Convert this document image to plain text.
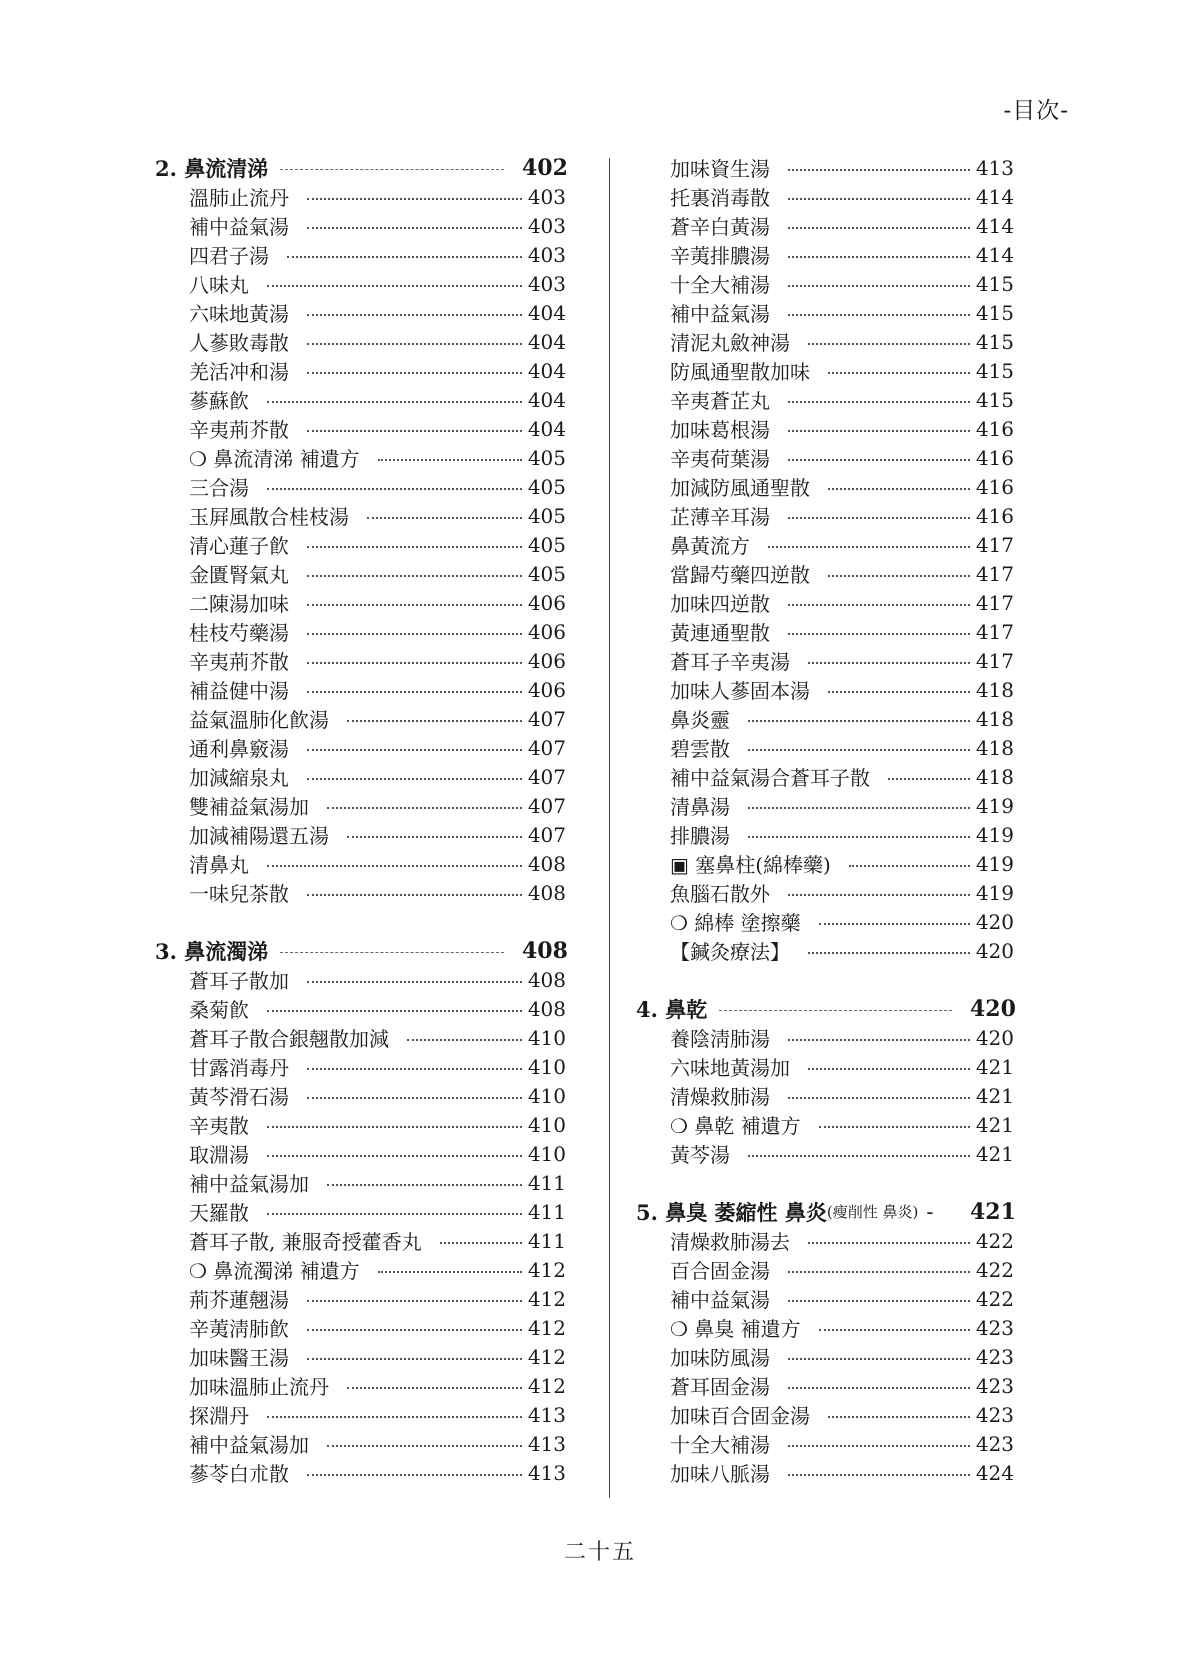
-目次-
2. 鼻流清涕	402
溫肺止流丹	403
補中益氣湯	403
四君子湯	403
八味丸	403
六味地黃湯	404
人蔘敗毒散	404
羌活冲和湯	404
蔘蘇飮	404
辛夷荊芥散	404
❍ 鼻流清涕 補遺方	405
三合湯	405
玉屛風散合桂枝湯	405
清心蓮子飮	405
金匱腎氣丸	405
二陳湯加味	406
桂枝芍藥湯	406
辛夷荊芥散	406
補益健中湯	406
益氣溫肺化飮湯	407
通利鼻竅湯	407
加減縮泉丸	407
雙補益氣湯加	407
加減補陽還五湯	407
清鼻丸	408
一味兒茶散	408
3. 鼻流濁涕	408
蒼耳子散加	408
桑菊飮	408
蒼耳子散合銀翹散加減	410
甘露消毒丹	410
黃芩滑石湯	410
辛夷散	410
取淵湯	410
補中益氣湯加	411
天羅散	411
蒼耳子散, 兼服奇授藿香丸	411
❍ 鼻流濁涕 補遺方	412
荊芥蓮翹湯	412
辛荑淸肺飮	412
加味醫王湯	412
加味溫肺止流丹	412
探淵丹	413
補中益氣湯加	413
蔘苓白朮散	413
加味資生湯	413
托裏消毒散	414
蒼辛白黃湯	414
辛荑排膿湯	414
十全大補湯	415
補中益氣湯	415
清泥丸斂神湯	415
防風通聖散加味	415
辛夷蒼芷丸	415
加味葛根湯	416
辛夷荷葉湯	416
加減防風通聖散	416
芷薄辛耳湯	416
鼻黃流方	417
當歸芍藥四逆散	417
加味四逆散	417
黃連通聖散	417
蒼耳子辛夷湯	417
加味人蔘固本湯	418
鼻炎靈	418
碧雲散	418
補中益氣湯合蒼耳子散	418
清鼻湯	419
排膿湯	419
▣ 塞鼻柱(綿棒藥)	419
魚腦石散外	419
❍ 綿棒 塗擦藥	420
【鍼灸療法】	420
4. 鼻乾	420
養陰淸肺湯	420
六味地黃湯加	421
清燥救肺湯	421
❍ 鼻乾 補遺方	421
黃芩湯	421
5. 鼻臭 萎縮性 鼻炎 (瘦削性 鼻炎) - 421
清燥救肺湯去	422
百合固金湯	422
補中益氣湯	422
❍ 鼻臭 補遺方	423
加味防風湯	423
蒼耳固金湯	423
加味百合固金湯	423
十全大補湯	423
加味八脈湯	424
二十五
